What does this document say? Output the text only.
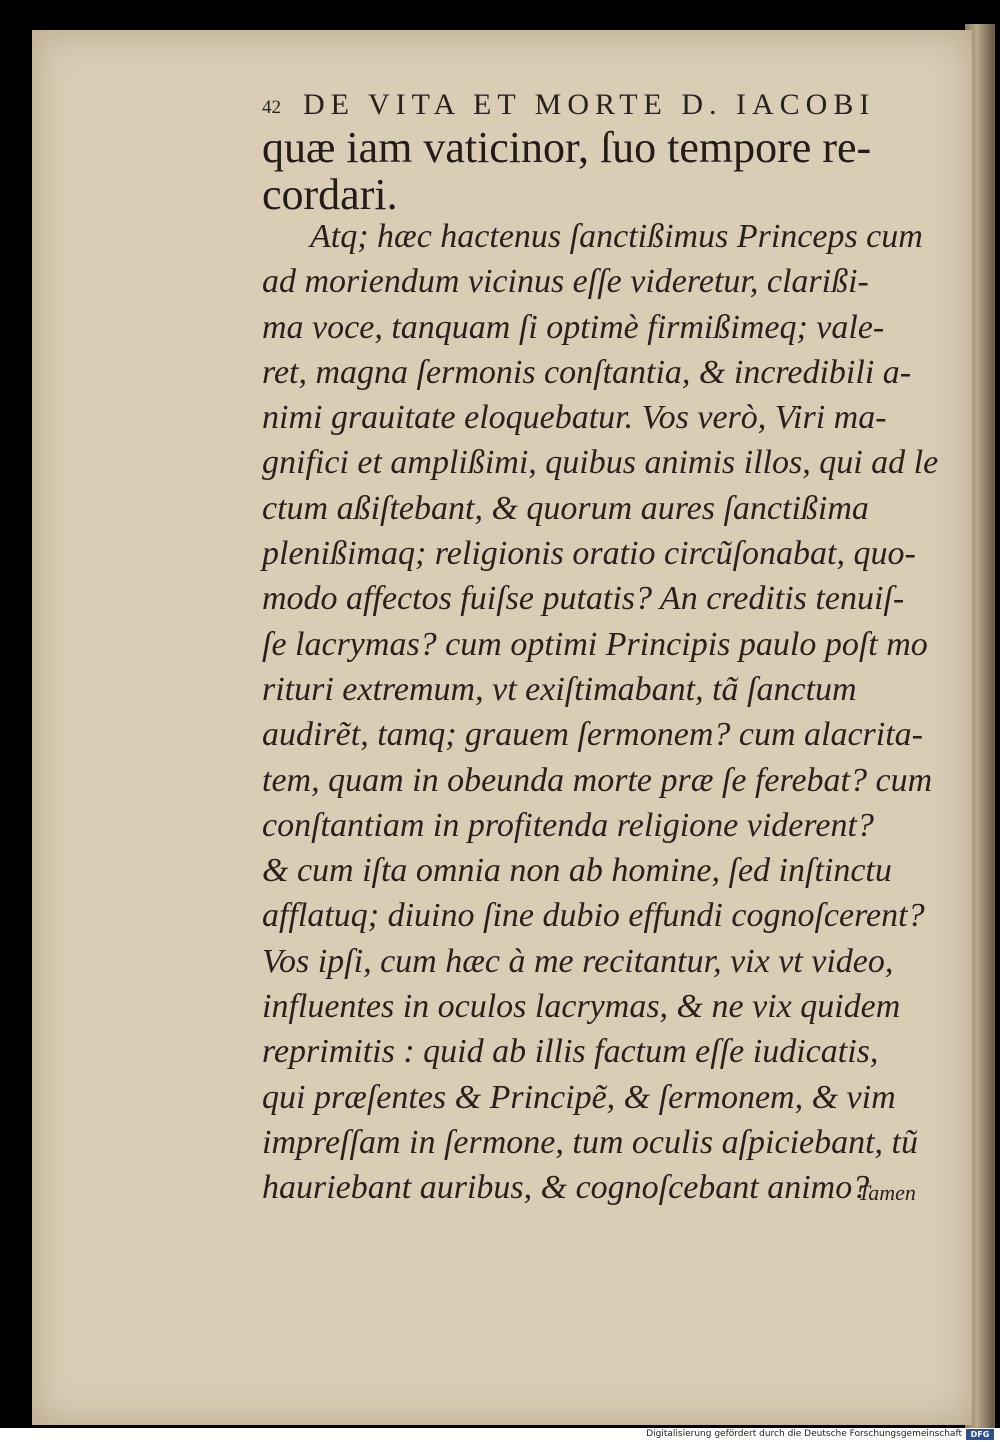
42 DE VITA ET MORTE D. IACOBI
quæ iam vaticinor, ſuo tempore re-
cordari.
Atq; hæc hactenus ſanctißimus Princeps cum
ad moriendum vicinus eſſe videretur, clarißi-
ma voce, tanquam ſi optimè firmißimeq; vale-
ret, magna ſermonis conſtantia, & incredibili a-
nimi grauitate eloquebatur. Vos verò, Viri ma-
gnifici et amplißimi, quibus animis illos, qui ad le
ctum aßiſtebant, & quorum aures ſanctißima
plenißimaq; religionis oratio circũſonabat, quo-
modo affectos fuiſse putatis? An creditis tenuiſ-
ſe lacrymas? cum optimi Principis paulo poſt mo
rituri extremum, vt exiſtimabant, tã ſanctum
audirẽt, tamq; grauem ſermonem? cum alacrita-
tem, quam in obeunda morte præ ſe ferebat? cum
conſtantiam in profitenda religione viderent?
& cum iſta omnia non ab homine, ſed inſtinctu
afflatuq; diuino ſine dubio effundi cognoſcerent?
Vos ipſi, cum hæc à me recitantur, vix vt video,
influentes in oculos lacrymas, & ne vix quidem
reprimitis : quid ab illis factum eſſe iudicatis,
qui præſentes & Principẽ, & ſermonem, & vim
impreſſam in ſermone, tum oculis aſpiciebant, tũ
hauriebant auribus, & cognoſcebant animo?
Tamen
Digitalisierung gefördert durch die Deutsche Forschungsgemeinschaft	DFG
